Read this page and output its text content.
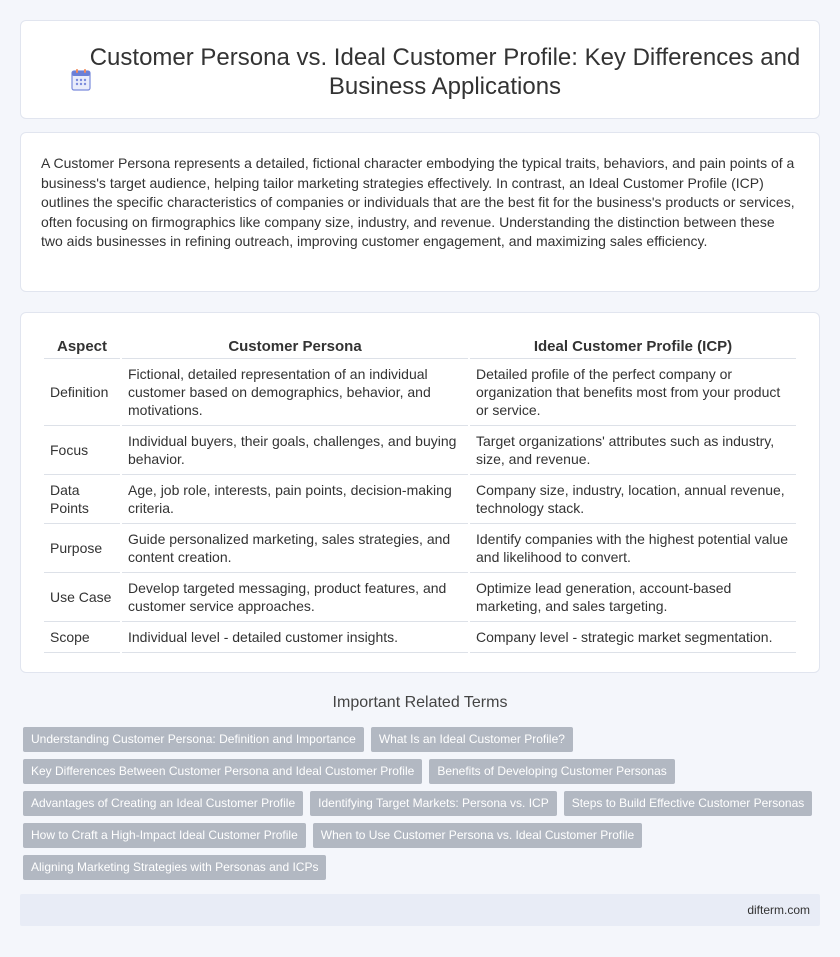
Customer Persona vs. Ideal Customer Profile: Key Differences and Business Applications

A Customer Persona represents a detailed, fictional character embodying the typical traits, behaviors, and pain points of a business's target audience, helping tailor marketing strategies effectively. In contrast, an Ideal Customer Profile (ICP) outlines the specific characteristics of companies or individuals that are the best fit for the business's products or services, often focusing on firmographics like company size, industry, and revenue. Understanding the distinction between these two aids businesses in refining outreach, improving customer engagement, and maximizing sales efficiency.

Aspect	Customer Persona	Ideal Customer Profile (ICP)
Definition	Fictional, detailed representation of an individual customer based on demographics, behavior, and motivations.	Detailed profile of the perfect company or organization that benefits most from your product or service.
Focus	Individual buyers, their goals, challenges, and buying behavior.	Target organizations' attributes such as industry, size, and revenue.
Data Points	Age, job role, interests, pain points, decision-making criteria.	Company size, industry, location, annual revenue, technology stack.
Purpose	Guide personalized marketing, sales strategies, and content creation.	Identify companies with the highest potential value and likelihood to convert.
Use Case	Develop targeted messaging, product features, and customer service approaches.	Optimize lead generation, account-based marketing, and sales targeting.
Scope	Individual level - detailed customer insights.	Company level - strategic market segmentation.
Important Related Terms
Understanding Customer Persona: Definition and Importance	What Is an Ideal Customer Profile?
Key Differences Between Customer Persona and Ideal Customer Profile	Benefits of Developing Customer Personas
Advantages of Creating an Ideal Customer Profile	Identifying Target Markets: Persona vs. ICP	Steps to Build Effective Customer Personas
How to Craft a High-Impact Ideal Customer Profile	When to Use Customer Persona vs. Ideal Customer Profile
Aligning Marketing Strategies with Personas and ICPs
difterm.com
